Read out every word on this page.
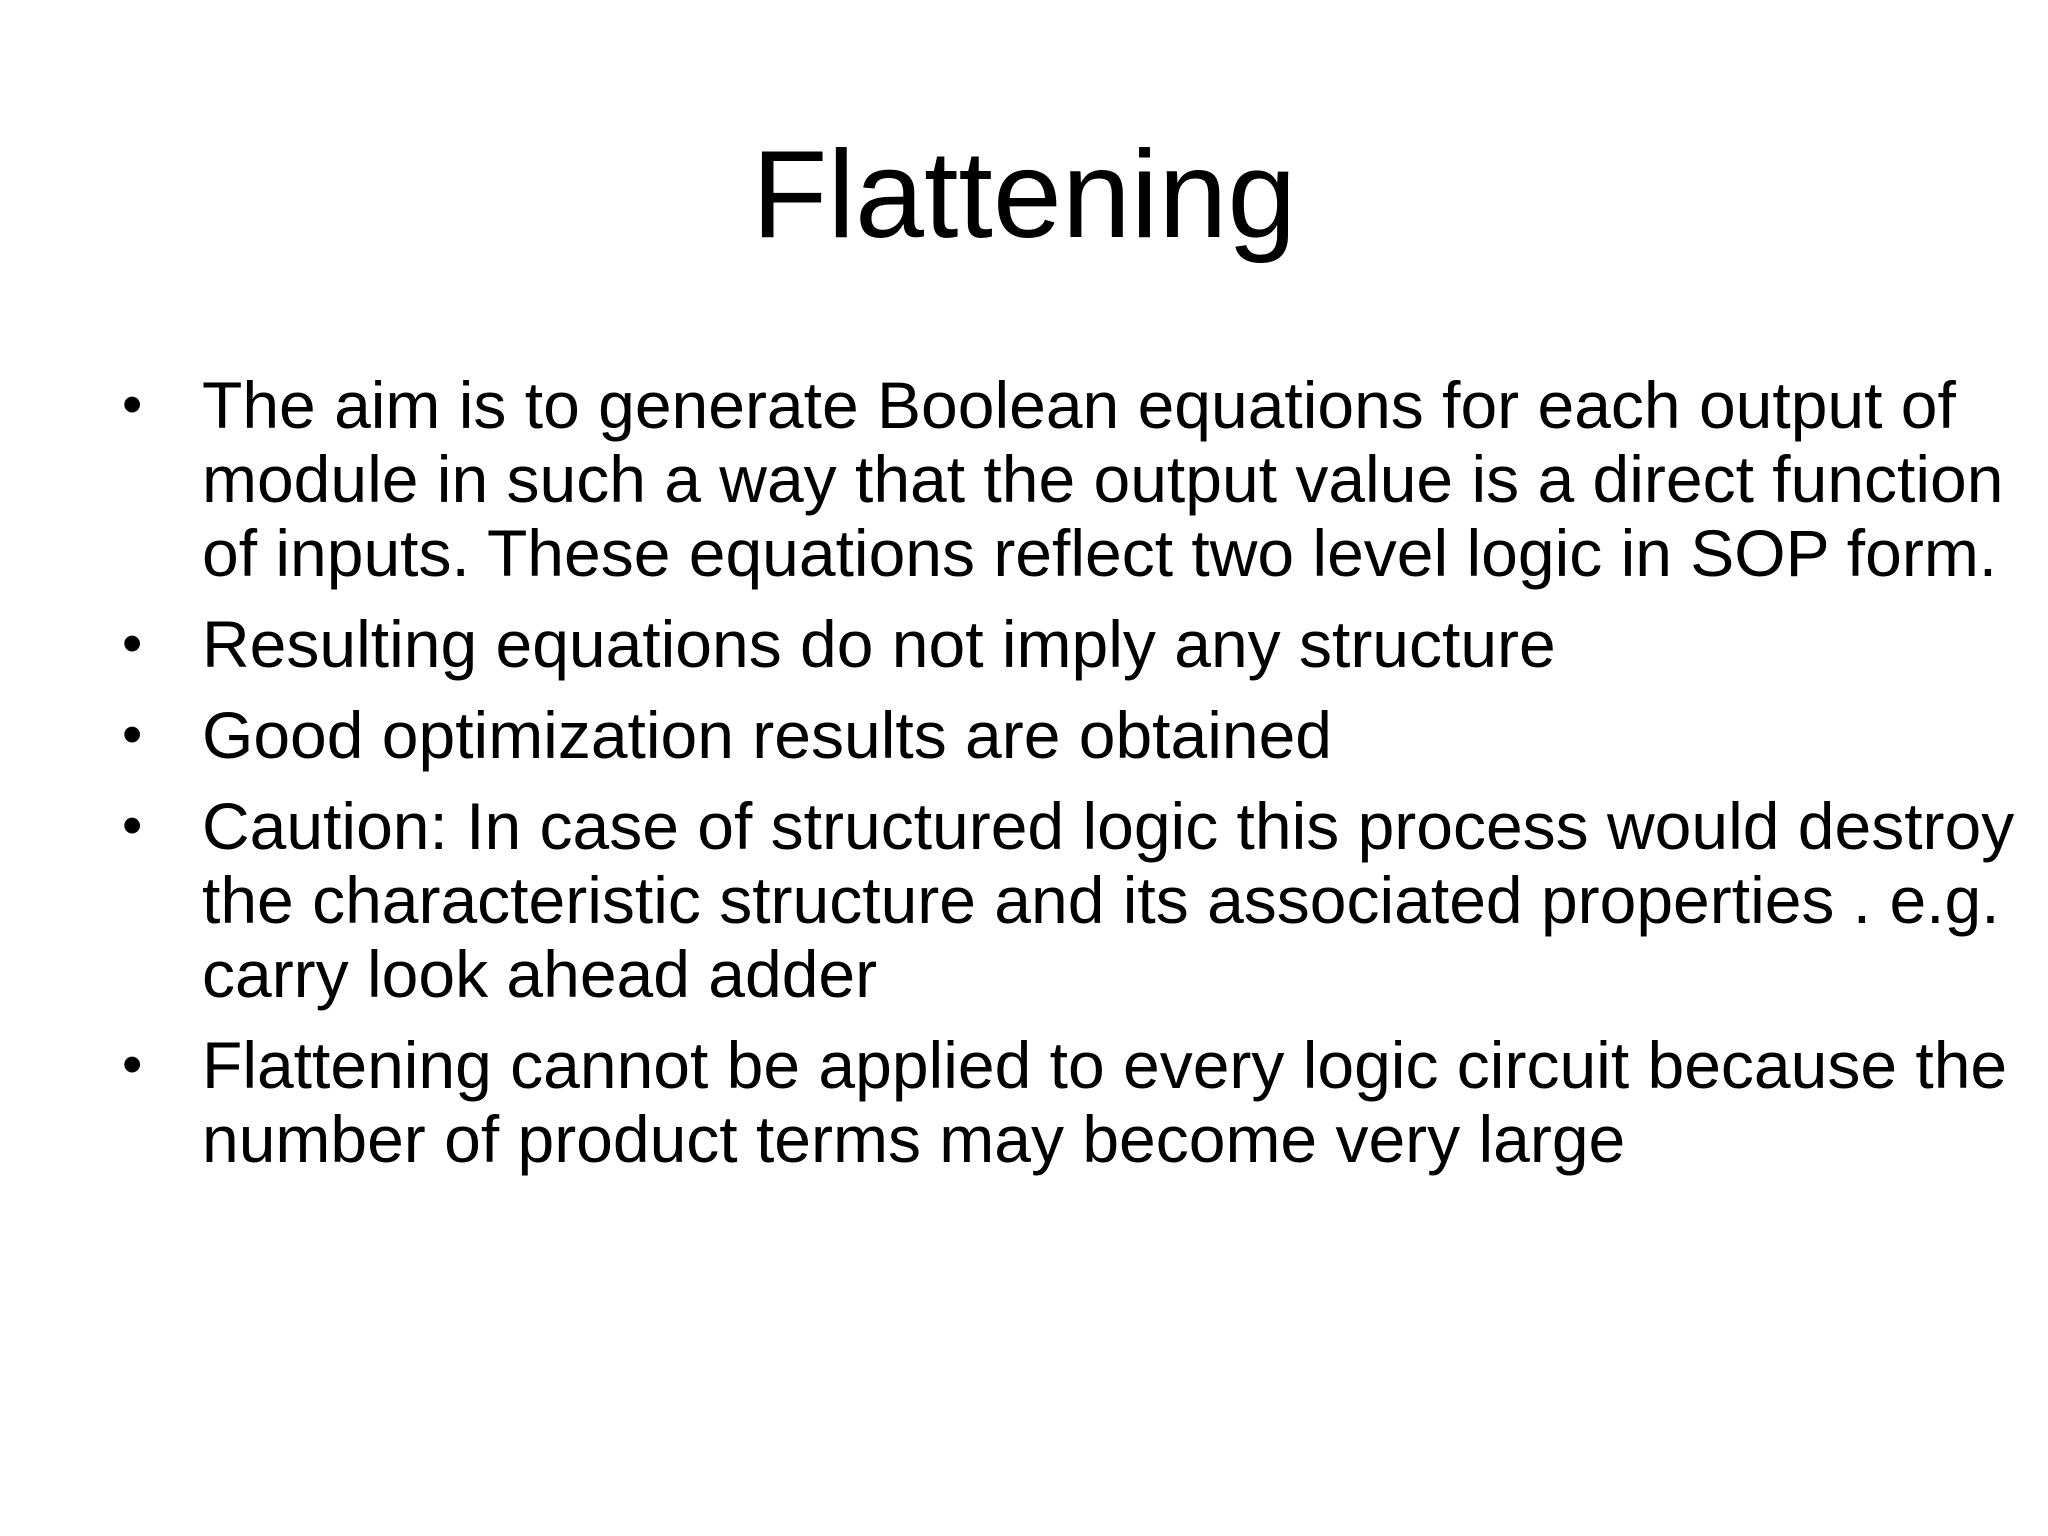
Flattening
• The aim is to generate Boolean equations for each output of module in such a way that the output value is a direct function of inputs. These equations reflect two level logic in SOP form.
• Resulting equations do not imply any structure
• Good optimization results are obtained
• Caution: In case of structured logic this process would destroy the characteristic structure and its associated properties . e.g. carry look ahead adder
• Flattening cannot be applied to every logic circuit because the number of product terms may become very large
